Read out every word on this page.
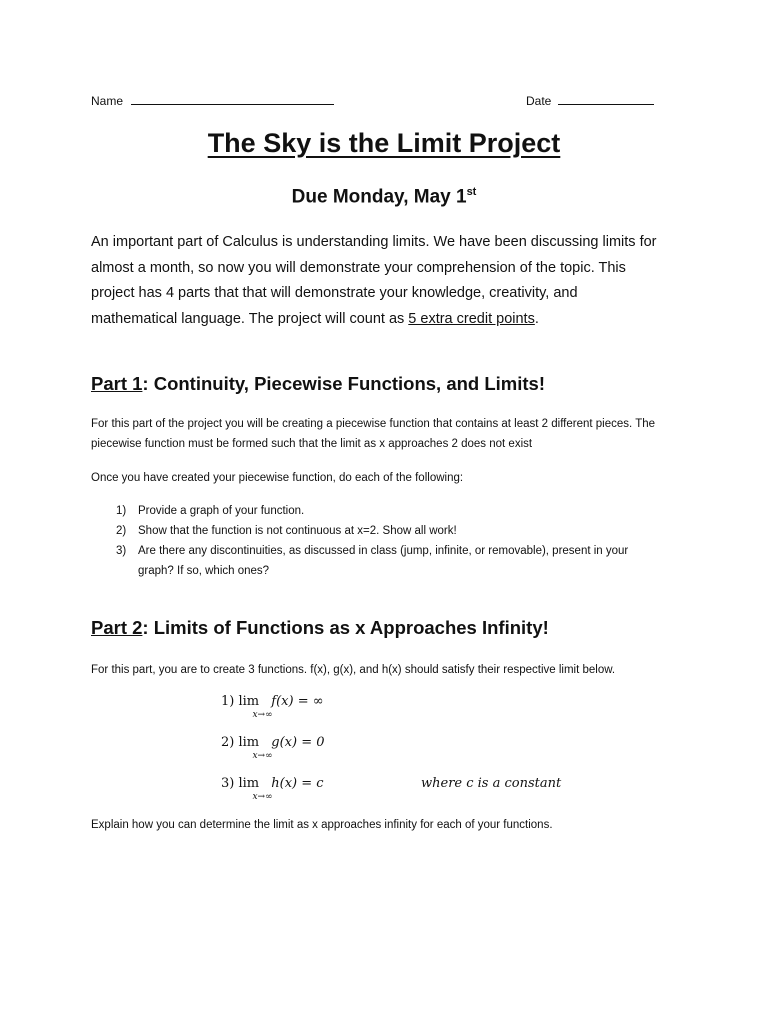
Name	Date
The Sky is the Limit Project
Due Monday, May 1st
An important part of Calculus is understanding limits. We have been discussing limits for almost a month, so now you will demonstrate your comprehension of the topic. This project has 4 parts that that will demonstrate your knowledge, creativity, and mathematical language. The project will count as 5 extra credit points.
Part 1: Continuity, Piecewise Functions, and Limits!
For this part of the project you will be creating a piecewise function that contains at least 2 different pieces. The piecewise function must be formed such that the limit as x approaches 2 does not exist
Once you have created your piecewise function, do each of the following:

1) Provide a graph of your function.

2) Show that the function is not continuous at x=2. Show all work!

3) Are there any discontinuities, as discussed in class (jump, infinite, or removable), present in your graph? If so, which ones?

Part 2: Limits of Functions as x Approaches Infinity!
For this part, you are to create 3 functions. f(x), g(x), and h(x) should satisfy their respective limit below.
1) lim
x→∞
f(x) = ∞
2) lim
x→∞
g(x) = 0
3) lim
x→∞
h(x) = c	where c is a constant
Explain how you can determine the limit as x approaches infinity for each of your functions.
